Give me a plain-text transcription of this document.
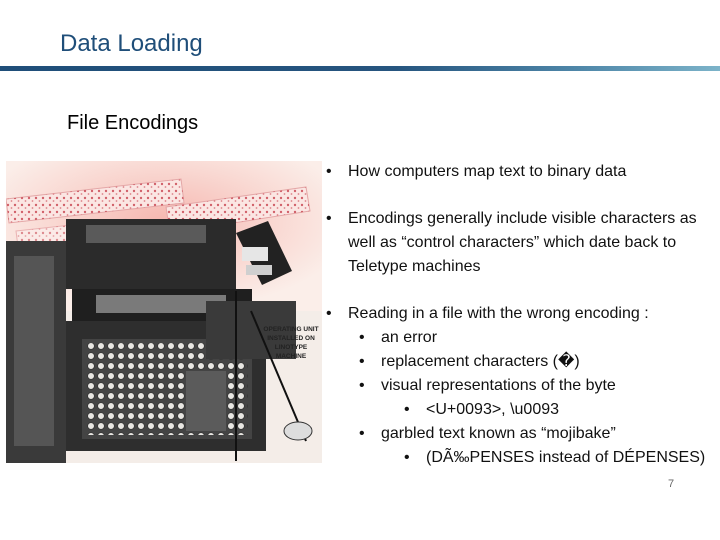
Data Loading
File Encodings
OPERATING UNIT
INSTALLED ON
LINOTYPE
MACHINE
• How computers map text to binary data
• Encodings generally include visible characters as well as “control characters” which date back to Teletype machines
• Reading in a file with the wrong encoding :
• an error
• replacement characters (�)
• visual representations of the byte
• <U+0093>, \u0093
• garbled text known as “mojibake”
• (DÃ‰PENSES instead of DÉPENSES)
7
